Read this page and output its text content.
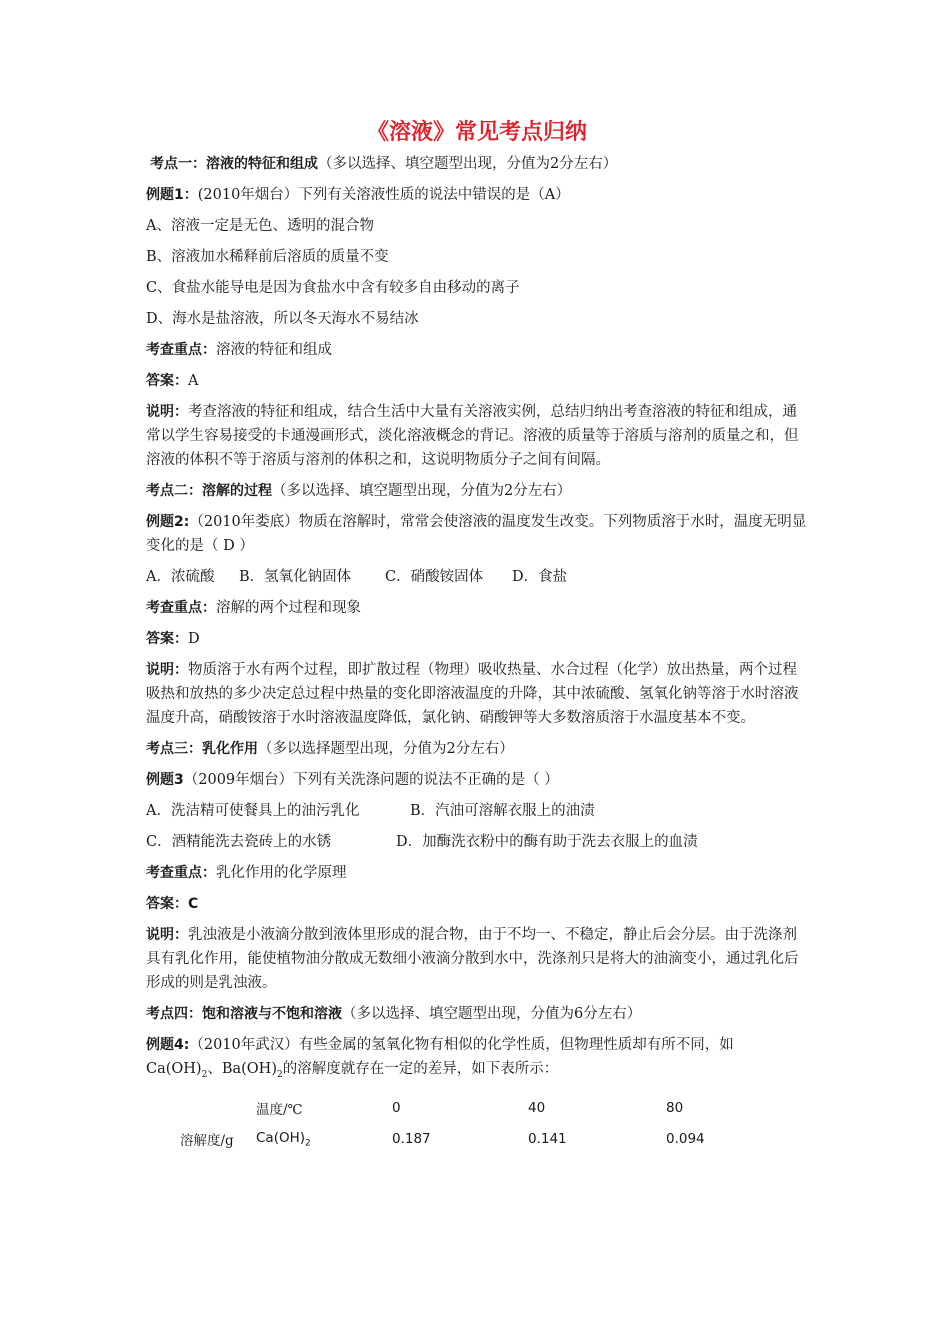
《溶液》常见考点归纳

考点一：溶液的特征和组成（多以选择、填空题型出现，分值为2分左右）

例题1：(2010年烟台）下列有关溶液性质的说法中错误的是（A）

A、溶液一定是无色、透明的混合物

B、溶液加水稀释前后溶质的质量不变

C、食盐水能导电是因为食盐水中含有较多自由移动的离子

D、海水是盐溶液，所以冬天海水不易结冰

考查重点：溶液的特征和组成

答案：A

说明：考查溶液的特征和组成，结合生活中大量有关溶液实例，总结归纳出考查溶液的特征和组成，通常以学生容易接受的卡通漫画形式，淡化溶液概念的背记。溶液的质量等于溶质与溶剂的质量之和，但溶液的体积不等于溶质与溶剂的体积之和，这说明物质分子之间有间隔。

考点二：溶解的过程（多以选择、填空题型出现，分值为2分左右）

例题2:（2010年娄底）物质在溶解时，常常会使溶液的温度发生改变。下列物质溶于水时，温度无明显变化的是（ D ）

A．浓硫酸 B．氢氧化钠固体 C．硝酸铵固体 D．食盐

考查重点：溶解的两个过程和现象

答案：D

说明：物质溶于水有两个过程，即扩散过程（物理）吸收热量、水合过程（化学）放出热量，两个过程吸热和放热的多少决定总过程中热量的变化即溶液温度的升降，其中浓硫酸、氢氧化钠等溶于水时溶液温度升高，硝酸铵溶于水时溶液温度降低，氯化钠、硝酸钾等大多数溶质溶于水温度基本不变。

考点三：乳化作用（多以选择题型出现，分值为2分左右）

例题3（2009年烟台）下列有关洗涤问题的说法不正确的是（ ）

A．洗洁精可使餐具上的油污乳化	B．汽油可溶解衣服上的油渍

C．酒精能洗去瓷砖上的水锈	D．加酶洗衣粉中的酶有助于洗去衣服上的血渍

考查重点：乳化作用的化学原理

答案：C

说明：乳浊液是小液滴分散到液体里形成的混合物，由于不均一、不稳定，静止后会分层。由于洗涤剂具有乳化作用，能使植物油分散成无数细小液滴分散到水中，洗涤剂只是将大的油滴变小，通过乳化后形成的则是乳浊液。

考点四：饱和溶液与不饱和溶液（多以选择、填空题型出现，分值为6分左右）

例题4:（2010年武汉）有些金属的氢氧化物有相似的化学性质，但物理性质却有所不同，如$Ca(OH)_2$、$Ba(OH)_2$的溶解度就存在一定的差异，如下表所示：

	温度/℃	0	40	80
溶解度/g	$Ca(OH)_2$	0.187	0.141	0.094
